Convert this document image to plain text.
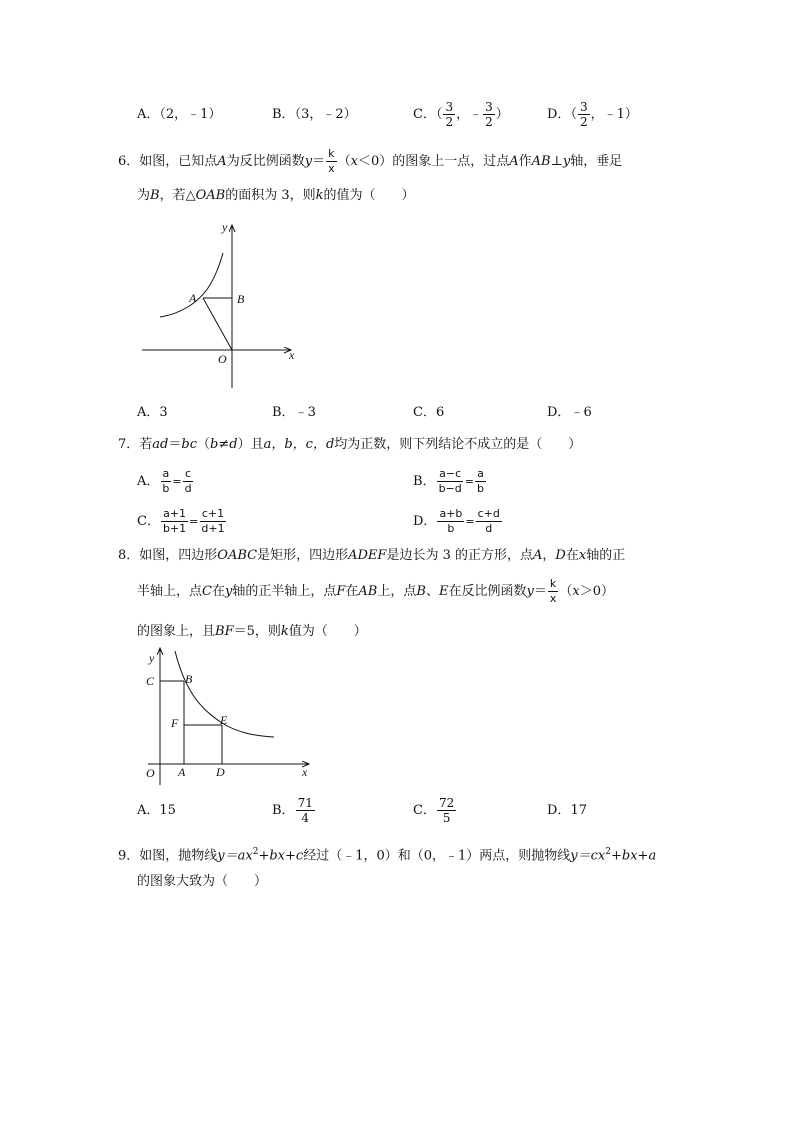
A．（2，﹣1）	B．（3，﹣2）	C．（ $\frac{3}{2}$ ，﹣ $\frac{3}{2}$ ）	D．（ $\frac{3}{2}$ ，﹣1）
6．如图，已知点A为反比例函数$y= \frac{k}{x} (x<0)$的图象上一点，过点A作AB⊥y轴，垂足
为B，若△OAB的面积为 3，则k的值为（　　）
y
A	B
O	x
A．3	B．﹣3	C．6	D．﹣6
7．若ad＝bc（b≠d）且a，b，c，d均为正数，则下列结论不成立的是（　　）
A． $\frac{a}{b} = \frac{c}{d}$	B． $\frac{a-c}{b-d} = \frac{a}{b}$
C． $\frac{a+1}{b+1} = \frac{c+1}{d+1}$	D． $\frac{a+b}{b} = \frac{c+d}{d}$
8．如图，四边形OABC是矩形，四边形ADEF是边长为 3 的正方形，点A，D在x轴的正
半轴上，点C在y轴的正半轴上，点F在AB上，点B、E在反比例函数$y= \frac{k}{x} (x>0)$
的图象上，且BF＝5，则k值为（　　）
y
C	B
F	E
O A	D	x
A．15	B． $\frac{71}{4}$	C． $\frac{72}{5}$	D．17
9．如图，抛物线$y=ax^2+bx+c$经过（﹣1，0）和（0，﹣1）两点，则抛物线$y=cx^2+bx+a$
的图象大致为（　　）
